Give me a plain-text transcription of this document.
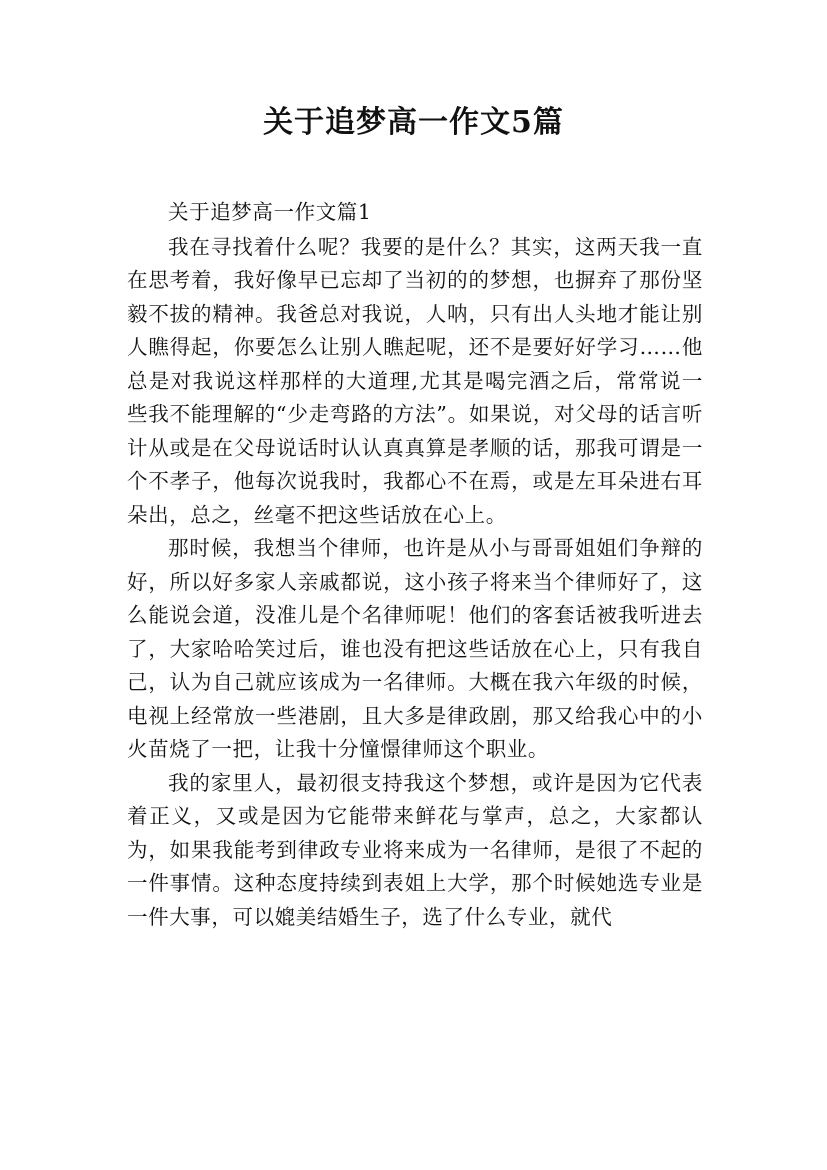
关于追梦高一作文5篇
关于追梦高一作文篇1

我在寻找着什么呢？我要的是什么？其实，这两天我一直在思考着，我好像早已忘却了当初的的梦想，也摒弃了那份坚毅不拔的精神。我爸总对我说，人呐，只有出人头地才能让别人瞧得起，你要怎么让别人瞧起呢，还不是要好好学习……他总是对我说这样那样的大道理,尤其是喝完酒之后，常常说一些我不能理解的“少走弯路的方法”。如果说，对父母的话言听计从或是在父母说话时认认真真算是孝顺的话，那我可谓是一个不孝子，他每次说我时，我都心不在焉，或是左耳朵进右耳朵出，总之，丝毫不把这些话放在心上。

那时候，我想当个律师，也许是从小与哥哥姐姐们争辩的好，所以好多家人亲戚都说，这小孩子将来当个律师好了，这么能说会道，没准儿是个名律师呢！他们的客套话被我听进去了，大家哈哈笑过后，谁也没有把这些话放在心上，只有我自己，认为自己就应该成为一名律师。大概在我六年级的时候，电视上经常放一些港剧，且大多是律政剧，那又给我心中的小火苗烧了一把，让我十分憧憬律师这个职业。

我的家里人，最初很支持我这个梦想，或许是因为它代表着正义，又或是因为它能带来鲜花与掌声，总之，大家都认为，如果我能考到律政专业将来成为一名律师，是很了不起的一件事情。这种态度持续到表姐上大学，那个时候她选专业是一件大事，可以媲美结婚生子，选了什么专业，就代
